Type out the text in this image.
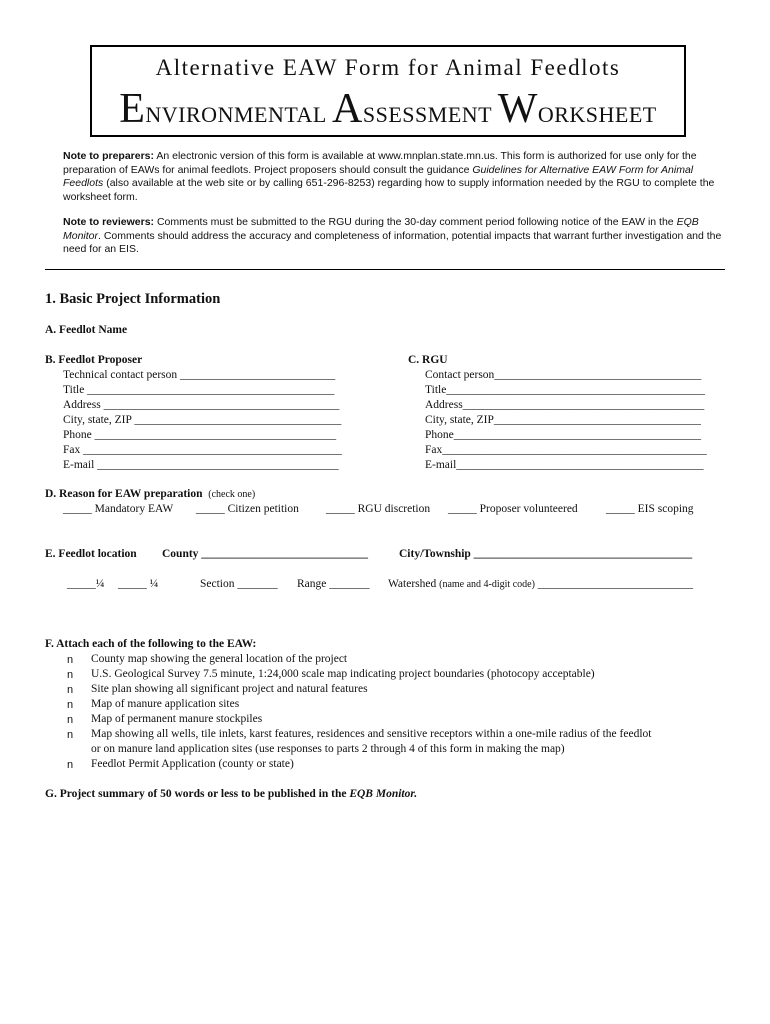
Alternative EAW Form for Animal Feedlots
ENVIRONMENTAL ASSESSMENT WORKSHEET
Note to preparers: An electronic version of this form is available at www.mnplan.state.mn.us. This form is authorized for use only for the preparation of EAWs for animal feedlots. Project proposers should consult the guidance Guidelines for Alternative EAW Form for Animal Feedlots (also available at the web site or by calling 651-296-8253) regarding how to supply information needed by the RGU to complete the worksheet form.
Note to reviewers: Comments must be submitted to the RGU during the 30-day comment period following notice of the EAW in the EQB Monitor. Comments should address the accuracy and completeness of information, potential impacts that warrant further investigation and the need for an EIS.
1. Basic Project Information
A. Feedlot Name
B. Feedlot Proposer
Technical contact person ___________________________
Title ___________________________________________
Address _________________________________________
City, state, ZIP ____________________________________
Phone __________________________________________
Fax _____________________________________________
E-mail __________________________________________
C. RGU
Contact person____________________________________
Title_____________________________________________
Address__________________________________________
City, state, ZIP____________________________________
Phone___________________________________________
Fax______________________________________________
E-mail___________________________________________
D. Reason for EAW preparation (check one)
_____ Mandatory EAW _____ Citizen petition _____ RGU discretion _____ Proposer volunteered _____ EIS scoping
E. Feedlot location County _____________________________	City/Township ______________________________________
_____¼ _____ ¼	Section _______ Range _______ Watershed (name and 4-digit code) ___________________________
F. Attach each of the following to the EAW:
n County map showing the general location of the project
n U.S. Geological Survey 7.5 minute, 1:24,000 scale map indicating project boundaries (photocopy acceptable)
n Site plan showing all significant project and natural features
n Map of manure application sites
n Map of permanent manure stockpiles
n Map showing all wells, tile inlets, karst features, residences and sensitive receptors within a one-mile radius of the feedlot
or on manure land application sites (use responses to parts 2 through 4 of this form in making the map)
n Feedlot Permit Application (county or state)
G. Project summary of 50 words or less to be published in the EQB Monitor.
